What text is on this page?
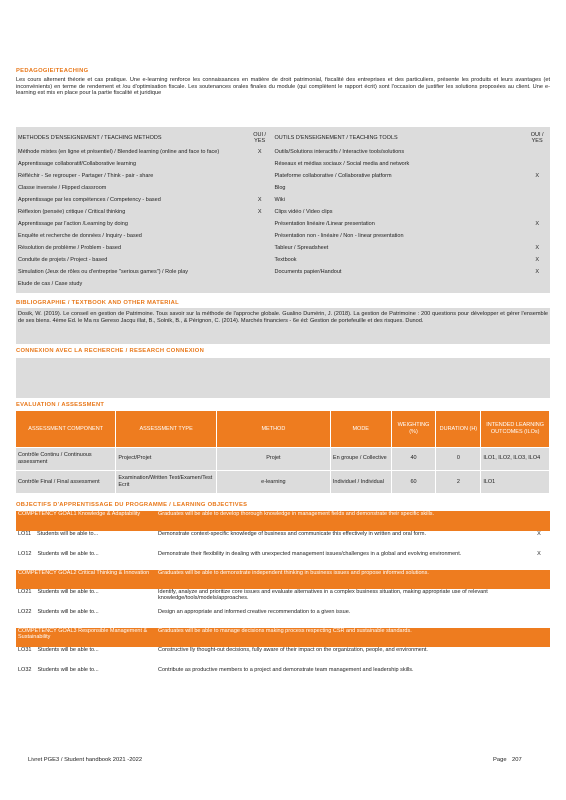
PEDAGOGIE/TEACHING
Les cours alternent théorie et cas pratique. Une e-learning renforce les connaissances en matière de droit patrimonial, fiscalité des entreprises et des particuliers, présente les produits et leurs avantages (et inconvénients) en terme de rendement et /ou d'optimisation fiscale. Les soutenances orales finales du module (qui complètent le rapport écrit) sont l'occasion de justifier les solutions proposées au client. Une e-learning est mis en place pour la partie fiscalité et juridique
METHODES D'ENSEIGNEMENT / TEACHING METHODS	OUI / YES	OUTILS D'ENSEIGNEMENT / TEACHING TOOLS	OUI / YES
Méthode mixtes (en ligne et présentiel) / Blended learning (online and face to face)	X	Outils/Solutions interactifs / Interactive tools/solutions	
Apprentissage collaboratif/Collaborative learning		Réseaux et médias sociaux / Social media and network	
Réfléchir - Se regrouper - Partager / Think - pair - share		Plateforme collaborative / Collaborative platform	X
Classe inversée / Flipped classroom		Blog	
Apprentissage par les compétences / Competency - based	X	Wiki	
Réflexion (pensée) critique / Critical thinking	X	Clips vidéo / Video clips	
Apprentissage par l'action /Learning by doing		Présentation linéaire /Linear presentation	X
Enquête et recherche de données / Inquiry - based		Présentation non - linéaire / Non - linear presentation	
Résolution de problème / Problem - based		Tableur / Spreadsheet	X
Conduite de projets / Project - based		Textbook	X
Simulation (Jeux de rôles ou d'entreprise "serious games") / Role play		Documents papier/Handout	X
Etude de cas / Case study			
BIBLIOGRAPHIE / TEXTBOOK AND OTHER MATERIAL
Dosik, W. (2019). Le conseil en gestion de Patrimoine. Tous savoir sur la méthode de l'approche globale. Gualino Dumérin, J. (2018). La gestion de Patrimoine : 200 questions pour développer et gérer l'ensemble de ses biens. 4ème Ed. le Ma ns Gereso Jacqu illat, B., Solnik, B., & Pérignon, C. (2014). Marchés financiers - 6e éd: Gestion de portefeuille et des risques. Dunod.
CONNEXION AVEC LA RECHERCHE / RESEARCH CONNEXION
EVALUATION / ASSESSMENT
ASSESSMENT COMPONENT	ASSESSMENT TYPE	METHOD	MODE	WEIGHTING (%)	DURATION (H)	INTENDED LEARNING OUTCOMES (ILOs)
Contrôle Continu / Continuous assessment	Project/Projet	Projet	En groupe / Collective	40	0	ILO1, ILO2, ILO3, ILO4
Contrôle Final / Final assessment	Examination/Written Test/Examen/Test Ecrit	e-learning	Individuel / Individual	60	2	ILO1
OBJECTIFS D'APPRENTISSAGE DU PROGRAMME / LEARNING OBJECTIVES
COMPETENCY GOAL1 Knowledge & Adaptability	Graduates will be able to develop thorough knowledge in management fields and demonstrate their specific skills.	
LO11 Students will be able to...	Demonstrate context-specific knowledge of business and communicate this effectively in written and oral form.	X
LO12 Students will be able to...	Demonstrate their flexibility in dealing with unexpected management issues/challenges in a global and evolving environment.	X
COMPETENCY GOAL2 Critical Thinking & Innovation	Graduates will be able to demonstrate independent thinking in business issues and propose informed solutions.	
LO21 Students will be able to...	Identify, analyze and prioritize core issues and evaluate alternatives in a complex business situation, making appropriate use of relevant knowledge/tools/models/approaches.	
LO22 Students will be able to...	Design an appropriate and informed creative recommendation to a given issue.	
COMPETENCY GOAL3 Responsible Management & Sustainability	Graduates will be able to manage decisions making process respecting CSR and sustainable standards.	
LO31 Students will be able to...	Constructive lly thought-out decisions, fully aware of their impact on the organization, people, and environment.	
LO32 Students will be able to...	Contribute as productive members to a project and demonstrate team management and leadership skills.	
Livret PGE3 / Student handbook 2021 -2022	Page 207
